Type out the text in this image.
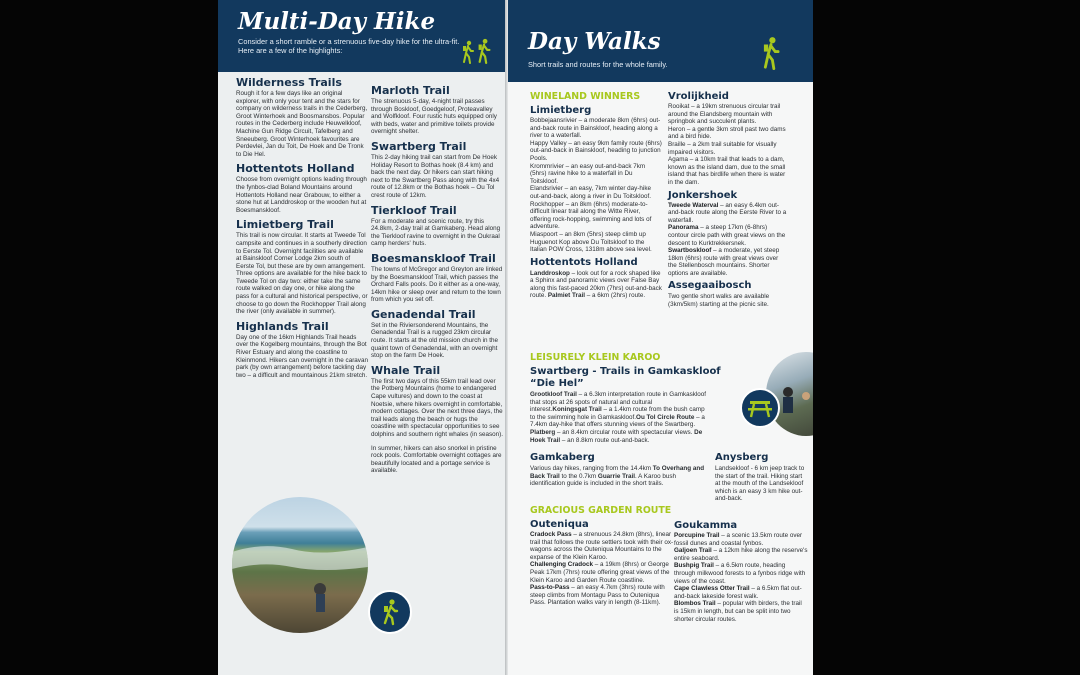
Multi-Day Hike
Consider a short ramble or a strenuous five-day hike for the ultra-fit. Here are a few of the highlights:
Wilderness Trails

Rough it for a few days like an original explorer, with only your tent and the stars for company on wilderness trails in the Cederberg, Groot Winterhoek and Boosmansbos. Popular routes in the Cederberg include Heuwelkloof, Machine Gun Ridge Circuit, Tafelberg and Sneeuberg. Groot Winterhoek favourites are Perdevlei, Jan du Toit, De Hoek and De Tronk to Die Hel.

Hottentots Holland

Choose from overnight options leading through the fynbos-clad Boland Mountains around Hottentots Holland near Grabouw, to either a stone hut at Landdroskop or the wooden hut at Boesmanskloof.

Limietberg Trail

This trail is now circular. It starts at Tweede Tol campsite and continues in a southerly direction to Eerste Tol. Overnight facilities are available at Bainskloof Corner Lodge 2km south of Eerste Tol, but these are by own arrangement. Three options are available for the hike back to Tweede Tol on day two: either take the same route walked on day one, or hike along the pass for a cultural and historical perspective, or choose to go down the Rockhopper Trail along the river (only available in summer).

Highlands Trail

Day one of the 16km Highlands Trail heads over the Kogelberg mountains, through the Bot River Estuary and along the coastline to Kleinmond. Hikers can overnight in the caravan park (by own arrangement) before tackling day two – a difficult and mountainous 21km stretch.

Marloth Trail

The strenuous 5-day, 4-night trail passes through Boskloof, Goedgeloof, Proteavalley and Wolfkloof. Four rustic huts equipped only with beds, water and primitive toilets provide overnight shelter.

Swartberg Trail

This 2-day hiking trail can start from De Hoek Holiday Resort to Bothas hoek (8.4 km) and back the next day. Or hikers can start hiking next to the Swartberg Pass along with the 4x4 route of 12.8km or the Bothas hoek – Ou Tol crest route of 12km.

Tierkloof Trail

For a moderate and scenic route, try this 24.8km, 2-day trail at Gamkaberg. Head along the Tierkloof ravine to overnight in the Oukraal camp herders' huts.

Boesmanskloof Trail

The towns of McGregor and Greyton are linked by the Boesmanskloof Trail, which passes the Orchard Falls pools. Do it either as a one-way, 14km hike or sleep over and return to the town from which you set off.

Genadendal Trail

Set in the Riviersonderend Mountains, the Genadendal Trail is a rugged 23km circular route. It starts at the old mission church in the quaint town of Genadendal, with an overnight stop on the farm De Hoek.

Whale Trail

The first two days of this 55km trail lead over the Potberg Mountains (home to endangered Cape vultures) and down to the coast at Noetsie, where hikers overnight in comfortable, modern cottages. Over the next three days, the trail leads along the beach or hugs the coastline with spectacular opportunities to see dolphins and southern right whales (in season).

In summer, hikers can also snorkel in pristine rock pools. Comfortable overnight cottages are beautifully located and a portage service is available.

Day Walks
Short trails and routes for the whole family.
WINELAND WINNERS
Limietberg
Bobbejaansrivier – a moderate 8km (6hrs) out-and-back route in Bainskloof, heading along a river to a waterfall.
Happy Valley – an easy 9km family route (6hrs) out-and-back in Bainskloof, heading to junction Pools.
Krommrivier – an easy out-and-back 7km (5hrs) ravine hike to a waterfall in Du Toitskloof.
Elandsrivier – an easy, 7km winter day-hike out-and-back, along a river in Du Toitskloof.
Rockhopper – an 8km (6hrs) moderate-to-difficult linear trail along the Witte River, offering rock-hopping, swimming and lots of adventure.
Miaspoort – an 8km (5hrs) steep climb up Huguenot Kop above Du Toitskloof to the Italian POW Cross, 1318m above sea level.
Hottentots Holland

Landdroskop – look out for a rock shaped like a Sphinx and panoramic views over False Bay along this fast-paced 20km (7hrs) out-and-back route. Palmiet Trail – a 6km (2hrs) route.

Vrolijkheid
Rooikat – a 19km strenuous circular trail around the Elandsberg mountain with springbok and succulent plants.
Heron – a gentle 3km stroll past two dams and a bird hide.
Braille – a 2km trail suitable for visually impaired visitors.
Agama – a 10km trail that leads to a dam, known as the island dam, due to the small island that has birdlife when there is water in the dam.
Jonkershoek
Tweede Waterval – an easy 6.4km out-and-back route along the Eerste River to a waterfall.
Panorama – a steep 17km (6-8hrs) contour circle path with great views on the descent to Kurktrekkersnek.
Swartboskloof – a moderate, yet steep 18km (6hrs) route with great views over the Stellenbosch mountains. Shorter options are available.
Assegaaibosch

Two gentle short walks are available (3km/5km) starting at the picnic site.

LEISURELY KLEIN KAROO
Swartberg - Trails in Gamkaskloof “Die Hel”

Grootkloof Trail – a 6.3km interpretation route in Gamkaskloof that stops at 26 spots of natural and cultural interest.Koningsgat Trail – a 1.4km route from the bush camp to the swimming hole in Gamkaskloof.Ou Tol Circle Route – a 7.4km day-hike that offers stunning views of the Swartberg. Platberg – an 8.4km circular route with spectacular views. De Hoek Trail – an 8.8km route out-and-back.

Gamkaberg

Various day hikes, ranging from the 14.4km To Overhang and Back Trail to the 0.7km Guarrie Trail. A Karoo bush identification guide is included in the short trails.

Anysberg

Landsekloof - 6 km jeep track to the start of the trail. Hiking start at the mouth of the Landsekloof which is an easy 3 km hike out-and-back.

GRACIOUS GARDEN ROUTE
Outeniqua
Cradock Pass – a strenuous 24.8km (8hrs), linear trail that follows the route settlers took with their ox-wagons across the Outeniqua Mountains to the expanse of the Klein Karoo.
Challenging Cradock – a 19km (8hrs) or George Peak 17km (7hrs) route offering great views of the Klein Karoo and Garden Route coastline.
Pass-to-Pass – an easy 4.7km (3hrs) route with steep climbs from Montagu Pass to Outeniqua Pass. Plantation walks vary in length (8-11km).
Goukamma
Porcupine Trail – a scenic 13.5km route over fossil dunes and coastal fynbos.
Galjoen Trail – a 12km hike along the reserve's entire seaboard.
Bushpig Trail – a 6.5km route, heading through milkwood forests to a fynbos ridge with views of the coast.
Cape Clawless Otter Trail – a 6.5km flat out-and-back lakeside forest walk.
Blombos Trail – popular with birders, the trail is 15km in length, but can be split into two shorter circular routes.
